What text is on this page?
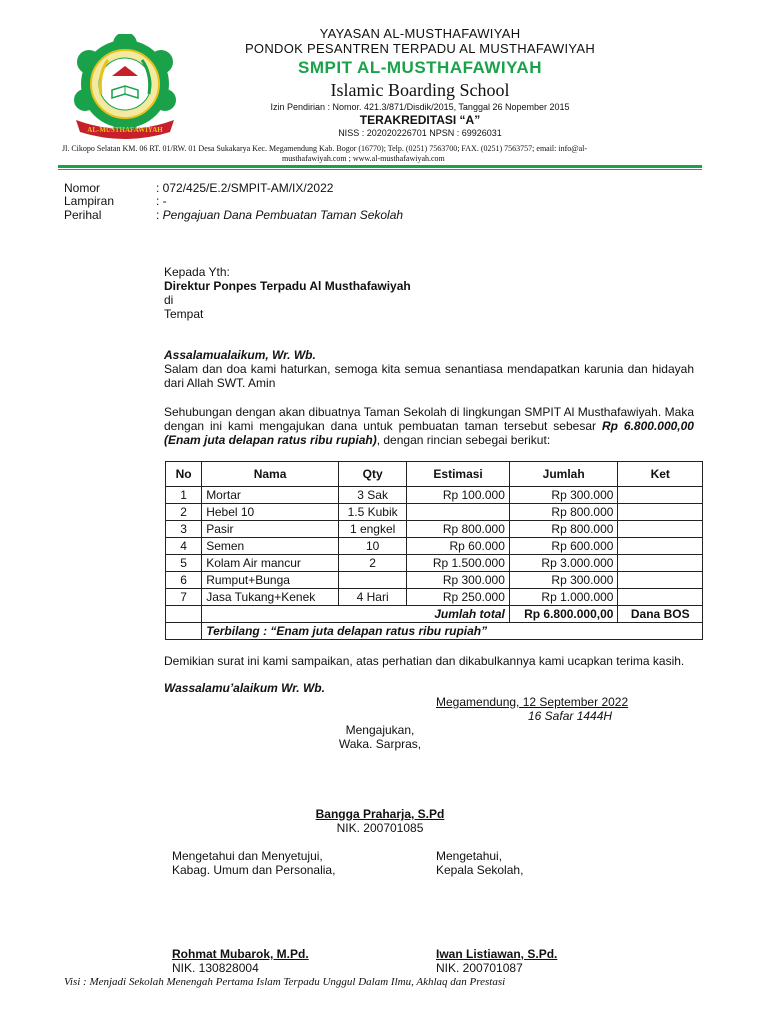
AL-MUSTHAFAWIYAH
YAYASAN AL-MUSTHAFAWIYAH
PONDOK PESANTREN TERPADU AL MUSTHAFAWIYAH
SMPIT AL-MUSTHAFAWIYAH
Islamic Boarding School
Izin Pendirian : Nomor. 421.3/871/Disdik/2015, Tanggal 26 Nopember 2015
TERAKREDITASI “A”
NISS : 202020226701 NPSN : 69926031
Jl. Cikopo Selatan KM. 06 RT. 01/RW. 01 Desa Sukakarya Kec. Megamendung Kab. Bogor (16770); Telp. (0251) 7563700; FAX. (0251) 7563757; email: info@al-
musthafawiyah.com ; www.al-musthafawiyah.com
Nomor	: 072/425/E.2/SMPIT-AM/IX/2022
Lampiran	: -
Perihal	: Pengajuan Dana Pembuatan Taman Sekolah
Kepada Yth:
Direktur Ponpes Terpadu Al Musthafawiyah
di
Tempat
Assalamualaikum, Wr. Wb.
Salam dan doa kami haturkan, semoga kita semua senantiasa mendapatkan karunia dan hidayah dari Allah SWT. Amin
Sehubungan dengan akan dibuatnya Taman Sekolah di lingkungan SMPIT Al Musthafawiyah. Maka dengan ini kami mengajukan dana untuk pembuatan taman tersebut sebesar Rp 6.800.000,00 (Enam juta delapan ratus ribu rupiah), dengan rincian sebegai berikut:
No	Nama	Qty	Estimasi	Jumlah	Ket
1	Mortar	3 Sak	Rp 100.000	Rp 300.000	
2	Hebel 10	1.5 Kubik		Rp 800.000	
3	Pasir	1 engkel	Rp 800.000	Rp 800.000	
4	Semen	10	Rp 60.000	Rp 600.000	
5	Kolam Air mancur	2	Rp 1.500.000	Rp 3.000.000	
6	Rumput+Bunga		Rp 300.000	Rp 300.000	
7	Jasa Tukang+Kenek	4 Hari	Rp 250.000	Rp 1.000.000	
	Jumlah total			Rp 6.800.000,00	Dana BOS
	Terbilang : “Enam juta delapan ratus ribu rupiah”				
Demikian surat ini kami sampaikan, atas perhatian dan dikabulkannya kami ucapkan terima kasih.
Wassalamu’alaikum Wr. Wb.
Megamendung, 12 September 2022
16 Safar 1444H
Mengajukan,
Waka. Sarpras,
Bangga Praharja, S.Pd
NIK. 200701085
Mengetahui dan Menyetujui,
Kabag. Umum dan Personalia,
Rohmat Mubarok, M.Pd.
NIK. 130828004
Mengetahui,
Kepala Sekolah,
Iwan Listiawan, S.Pd.
NIK. 200701087
Visi : Menjadi Sekolah Menengah Pertama Islam Terpadu Unggul Dalam Ilmu, Akhlaq dan Prestasi
